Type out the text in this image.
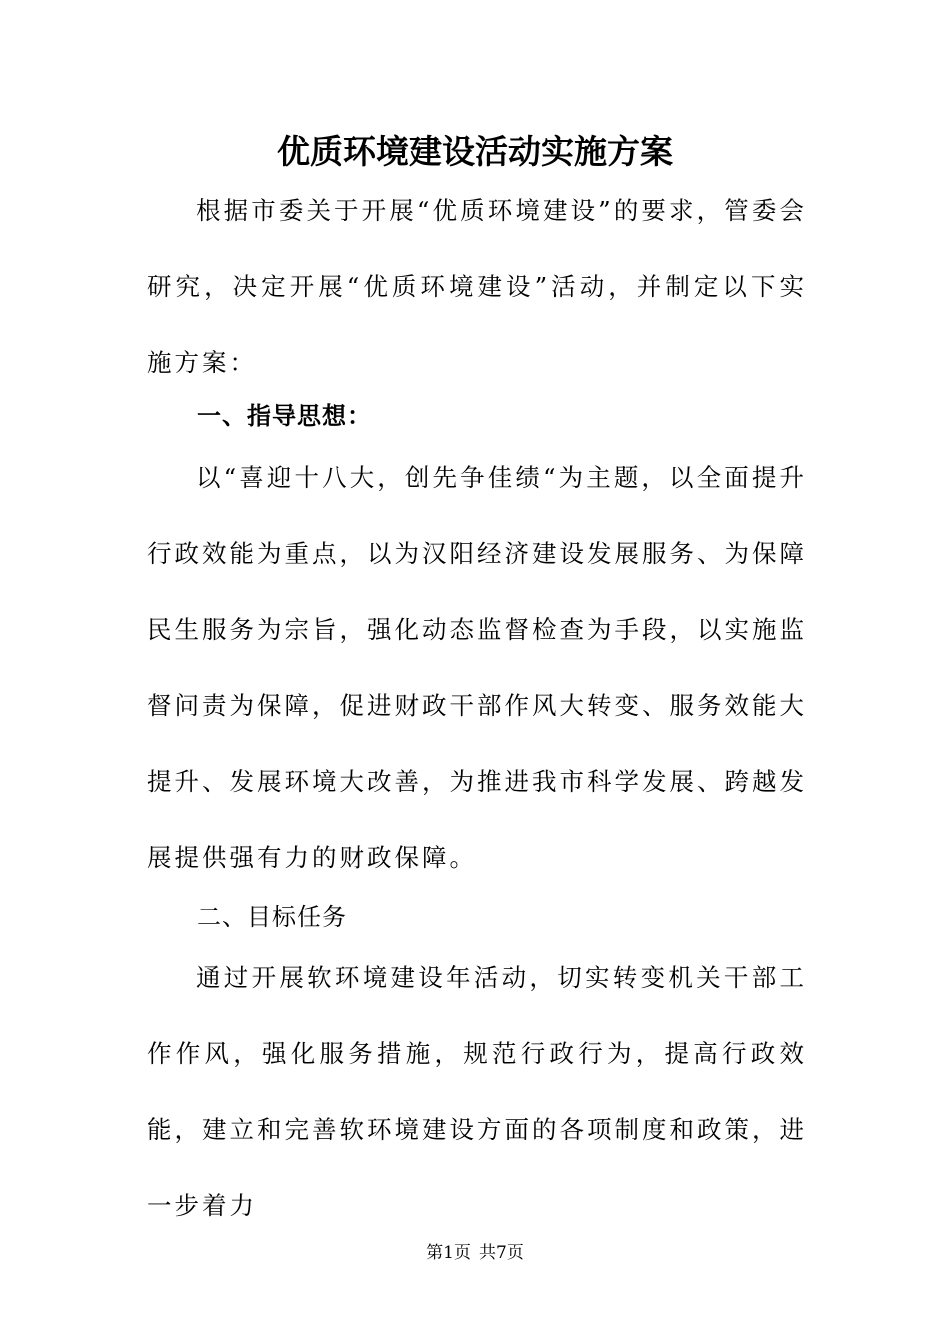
优质环境建设活动实施方案

根据市委关于开展“优质环境建设”的要求，管委会研究，决定开展“优质环境建设”活动，并制定以下实施方案：

一、指导思想：

以“喜迎十八大，创先争佳绩“为主题，以全面提升行政效能为重点，以为汉阳经济建设发展服务、为保障民生服务为宗旨，强化动态监督检查为手段，以实施监督问责为保障，促进财政干部作风大转变、服务效能大提升、发展环境大改善，为推进我市科学发展、跨越发展提供强有力的财政保障。

二、目标任务

通过开展软环境建设年活动，切实转变机关干部工作作风，强化服务措施，规范行政行为，提高行政效能，建立和完善软环境建设方面的各项制度和政策，进一步着力

第1页 共7页
